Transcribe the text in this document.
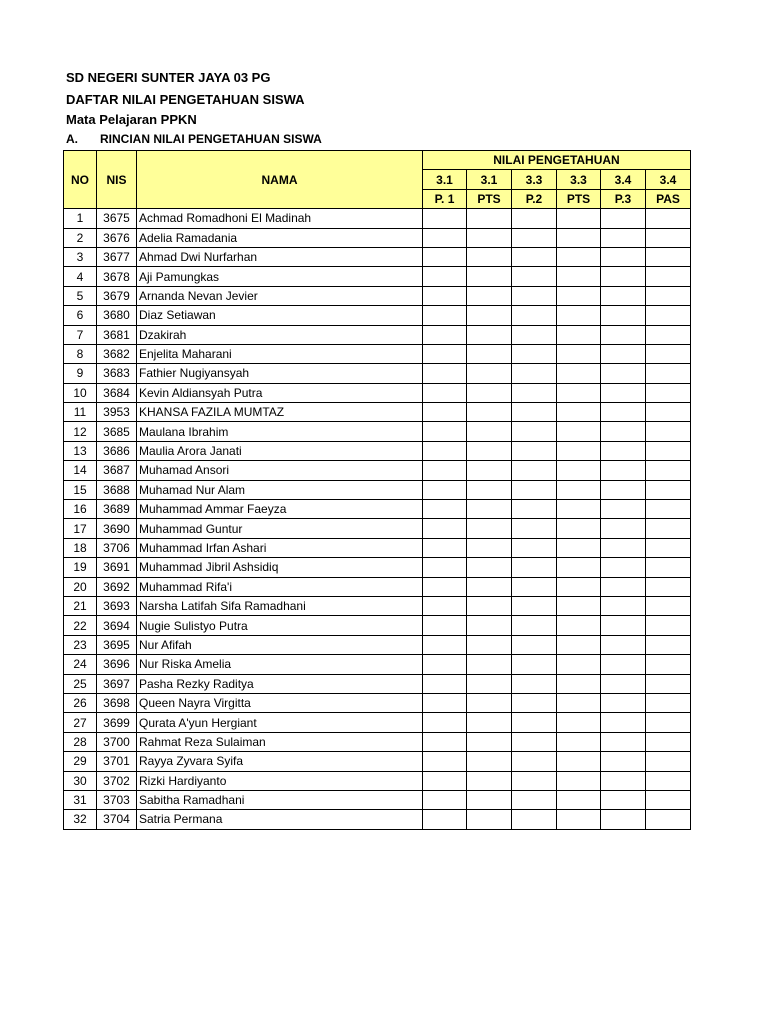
SD NEGERI SUNTER JAYA 03 PG
DAFTAR NILAI PENGETAHUAN SISWA
Mata Pelajaran PPKN
A. RINCIAN NILAI PENGETAHUAN SISWA
NO	NIS	NAMA	NILAI PENGETAHUAN					
			3.1	3.1	3.3	3.3	3.4	3.4
			P. 1	PTS	P.2	PTS	P.3	PAS
1	3675	Achmad Romadhoni El Madinah						
2	3676	Adelia Ramadania						
3	3677	Ahmad Dwi Nurfarhan						
4	3678	Aji Pamungkas						
5	3679	Arnanda Nevan Jevier						
6	3680	Diaz Setiawan						
7	3681	Dzakirah						
8	3682	Enjelita Maharani						
9	3683	Fathier Nugiyansyah						
10	3684	Kevin Aldiansyah Putra						
11	3953	KHANSA FAZILA MUMTAZ						
12	3685	Maulana Ibrahim						
13	3686	Maulia Arora Janati						
14	3687	Muhamad Ansori						
15	3688	Muhamad Nur Alam						
16	3689	Muhammad Ammar Faeyza						
17	3690	Muhammad Guntur						
18	3706	Muhammad Irfan Ashari						
19	3691	Muhammad Jibril Ashsidiq						
20	3692	Muhammad Rifa'i						
21	3693	Narsha Latifah Sifa Ramadhani						
22	3694	Nugie Sulistyo Putra						
23	3695	Nur Afifah						
24	3696	Nur Riska Amelia						
25	3697	Pasha Rezky Raditya						
26	3698	Queen Nayra Virgitta						
27	3699	Qurata A'yun Hergiant						
28	3700	Rahmat Reza Sulaiman						
29	3701	Rayya Zyvara Syifa						
30	3702	Rizki Hardiyanto						
31	3703	Sabitha Ramadhani						
32	3704	Satria Permana						
